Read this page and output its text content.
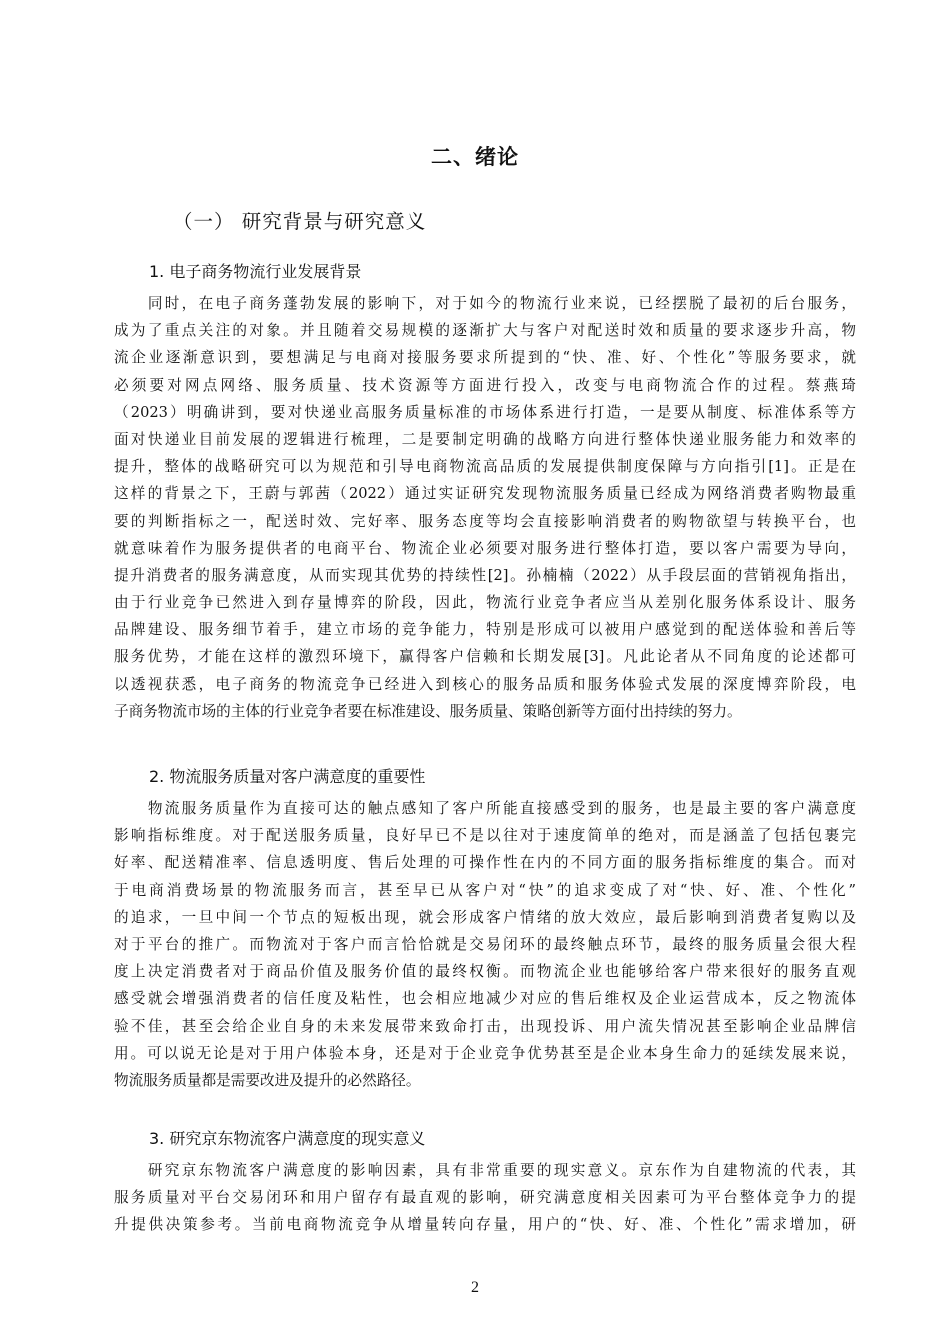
二、绪论
（一） 研究背景与研究意义
1. 电子商务物流行业发展背景
　　同时，在电子商务蓬勃发展的影响下，对于如今的物流行业来说，已经摆脱了最初的后台服务，
成为了重点关注的对象。并且随着交易规模的逐渐扩大与客户对配送时效和质量的要求逐步升高，物
流企业逐渐意识到，要想满足与电商对接服务要求所提到的“快、准、好、个性化”等服务要求，就
必须要对网点网络、服务质量、技术资源等方面进行投入，改变与电商物流合作的过程。蔡燕琦
（2023）明确讲到，要对快递业高服务质量标准的市场体系进行打造，一是要从制度、标准体系等方
面对快递业目前发展的逻辑进行梳理，二是要制定明确的战略方向进行整体快递业服务能力和效率的
提升，整体的战略研究可以为规范和引导电商物流高品质的发展提供制度保障与方向指引[1]。正是在
这样的背景之下，王蔚与郭茜（2022）通过实证研究发现物流服务质量已经成为网络消费者购物最重
要的判断指标之一，配送时效、完好率、服务态度等均会直接影响消费者的购物欲望与转换平台，也
就意味着作为服务提供者的电商平台、物流企业必须要对服务进行整体打造，要以客户需要为导向，
提升消费者的服务满意度，从而实现其优势的持续性[2]。孙楠楠（2022）从手段层面的营销视角指出，
由于行业竞争已然进入到存量博弈的阶段，因此，物流行业竞争者应当从差别化服务体系设计、服务
品牌建设、服务细节着手，建立市场的竞争能力，特别是形成可以被用户感觉到的配送体验和善后等
服务优势，才能在这样的激烈环境下，赢得客户信赖和长期发展[3]。凡此论者从不同角度的论述都可
以透视获悉，电子商务的物流竞争已经进入到核心的服务品质和服务体验式发展的深度博弈阶段，电
子商务物流市场的主体的行业竞争者要在标准建设、服务质量、策略创新等方面付出持续的努力。
2. 物流服务质量对客户满意度的重要性
　　物流服务质量作为直接可达的触点感知了客户所能直接感受到的服务，也是最主要的客户满意度
影响指标维度。对于配送服务质量，良好早已不是以往对于速度简单的绝对，而是涵盖了包括包裹完
好率、配送精准率、信息透明度、售后处理的可操作性在内的不同方面的服务指标维度的集合。而对
于电商消费场景的物流服务而言，甚至早已从客户对“快”的追求变成了对“快、好、准、个性化”
的追求，一旦中间一个节点的短板出现，就会形成客户情绪的放大效应，最后影响到消费者复购以及
对于平台的推广。而物流对于客户而言恰恰就是交易闭环的最终触点环节，最终的服务质量会很大程
度上决定消费者对于商品价值及服务价值的最终权衡。而物流企业也能够给客户带来很好的服务直观
感受就会增强消费者的信任度及粘性，也会相应地减少对应的售后维权及企业运营成本，反之物流体
验不佳，甚至会给企业自身的未来发展带来致命打击，出现投诉、用户流失情况甚至影响企业品牌信
用。可以说无论是对于用户体验本身，还是对于企业竞争优势甚至是企业本身生命力的延续发展来说，
物流服务质量都是需要改进及提升的必然路径。
3. 研究京东物流客户满意度的现实意义
　　研究京东物流客户满意度的影响因素，具有非常重要的现实意义。京东作为自建物流的代表，其
服务质量对平台交易闭环和用户留存有最直观的影响，研究满意度相关因素可为平台整体竞争力的提
升提供决策参考。当前电商物流竞争从增量转向存量，用户的“快、好、准、个性化”需求增加，研
2
